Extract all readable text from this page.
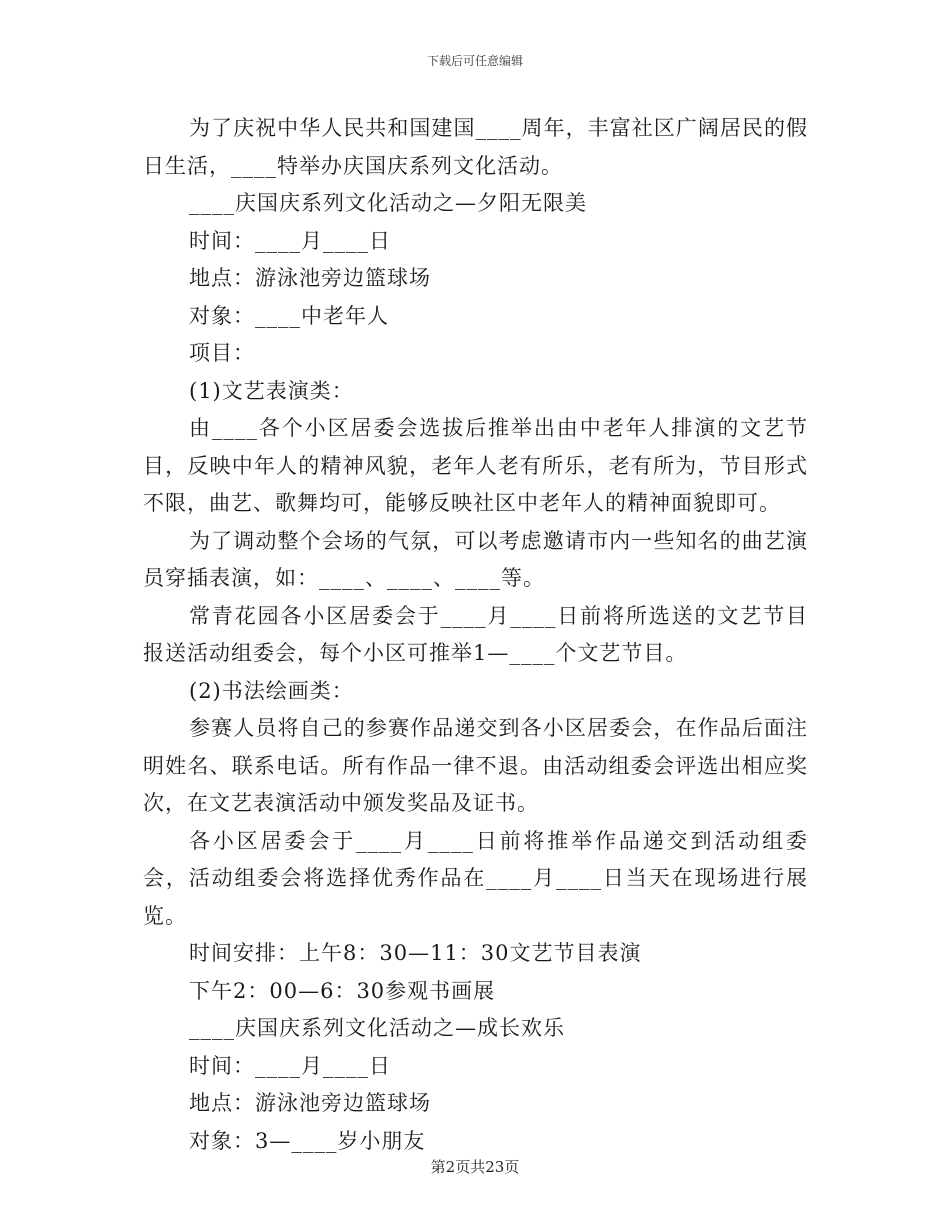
下载后可任意编辑

为了庆祝中华人民共和国建国____周年，丰富社区广阔居民的假日生活，____特举办庆国庆系列文化活动。

____庆国庆系列文化活动之—夕阳无限美

时间：____月____日

地点：游泳池旁边篮球场

对象：____中老年人

项目：

(1)文艺表演类：

由____各个小区居委会选拔后推举出由中老年人排演的文艺节目，反映中年人的精神风貌，老年人老有所乐，老有所为，节目形式不限，曲艺、歌舞均可，能够反映社区中老年人的精神面貌即可。

为了调动整个会场的气氛，可以考虑邀请市内一些知名的曲艺演员穿插表演，如：____、____、____等。

常青花园各小区居委会于____月____日前将所选送的文艺节目报送活动组委会，每个小区可推举1—____个文艺节目。

(2)书法绘画类：

参赛人员将自己的参赛作品递交到各小区居委会，在作品后面注明姓名、联系电话。所有作品一律不退。由活动组委会评选出相应奖次，在文艺表演活动中颁发奖品及证书。

各小区居委会于____月____日前将推举作品递交到活动组委会，活动组委会将选择优秀作品在____月____日当天在现场进行展览。

时间安排：上午8：30—11：30文艺节目表演

下午2：00—6：30参观书画展

____庆国庆系列文化活动之—成长欢乐

时间：____月____日

地点：游泳池旁边篮球场

对象：3—____岁小朋友

第2页共23页
